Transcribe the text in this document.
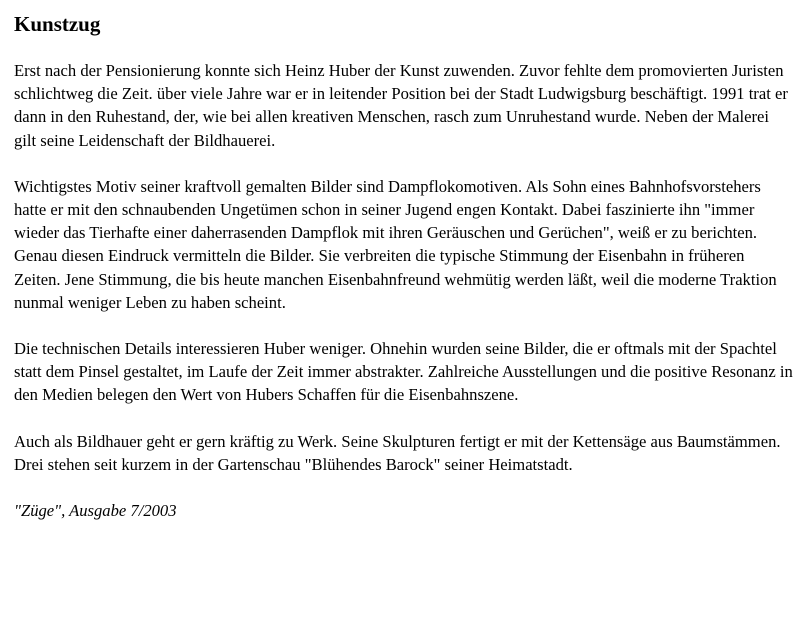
Kunstzug

Erst nach der Pensionierung konnte sich Heinz Huber der Kunst zuwenden. Zuvor fehlte dem promovierten Juristen schlichtweg die Zeit. über viele Jahre war er in leitender Position bei der Stadt Ludwigsburg beschäftigt. 1991 trat er dann in den Ruhestand, der, wie bei allen kreativen Menschen, rasch zum Unruhestand wurde. Neben der Malerei gilt seine Leidenschaft der Bildhauerei.

Wichtigstes Motiv seiner kraftvoll gemalten Bilder sind Dampflokomotiven. Als Sohn eines Bahnhofsvorstehers hatte er mit den schnaubenden Ungetümen schon in seiner Jugend engen Kontakt. Dabei faszinierte ihn "immer wieder das Tierhafte einer daherrasenden Dampflok mit ihren Geräuschen und Gerüchen", weiß er zu berichten. Genau diesen Eindruck vermitteln die Bilder. Sie verbreiten die typische Stimmung der Eisenbahn in früheren Zeiten. Jene Stimmung, die bis heute manchen Eisenbahnfreund wehmütig werden läßt, weil die moderne Traktion nunmal weniger Leben zu haben scheint.

Die technischen Details interessieren Huber weniger. Ohnehin wurden seine Bilder, die er oftmals mit der Spachtel statt dem Pinsel gestaltet, im Laufe der Zeit immer abstrakter. Zahlreiche Ausstellungen und die positive Resonanz in den Medien belegen den Wert von Hubers Schaffen für die Eisenbahnszene.

Auch als Bildhauer geht er gern kräftig zu Werk. Seine Skulpturen fertigt er mit der Kettensäge aus Baumstämmen. Drei stehen seit kurzem in der Gartenschau "Blühendes Barock" seiner Heimatstadt.

"Züge", Ausgabe 7/2003
